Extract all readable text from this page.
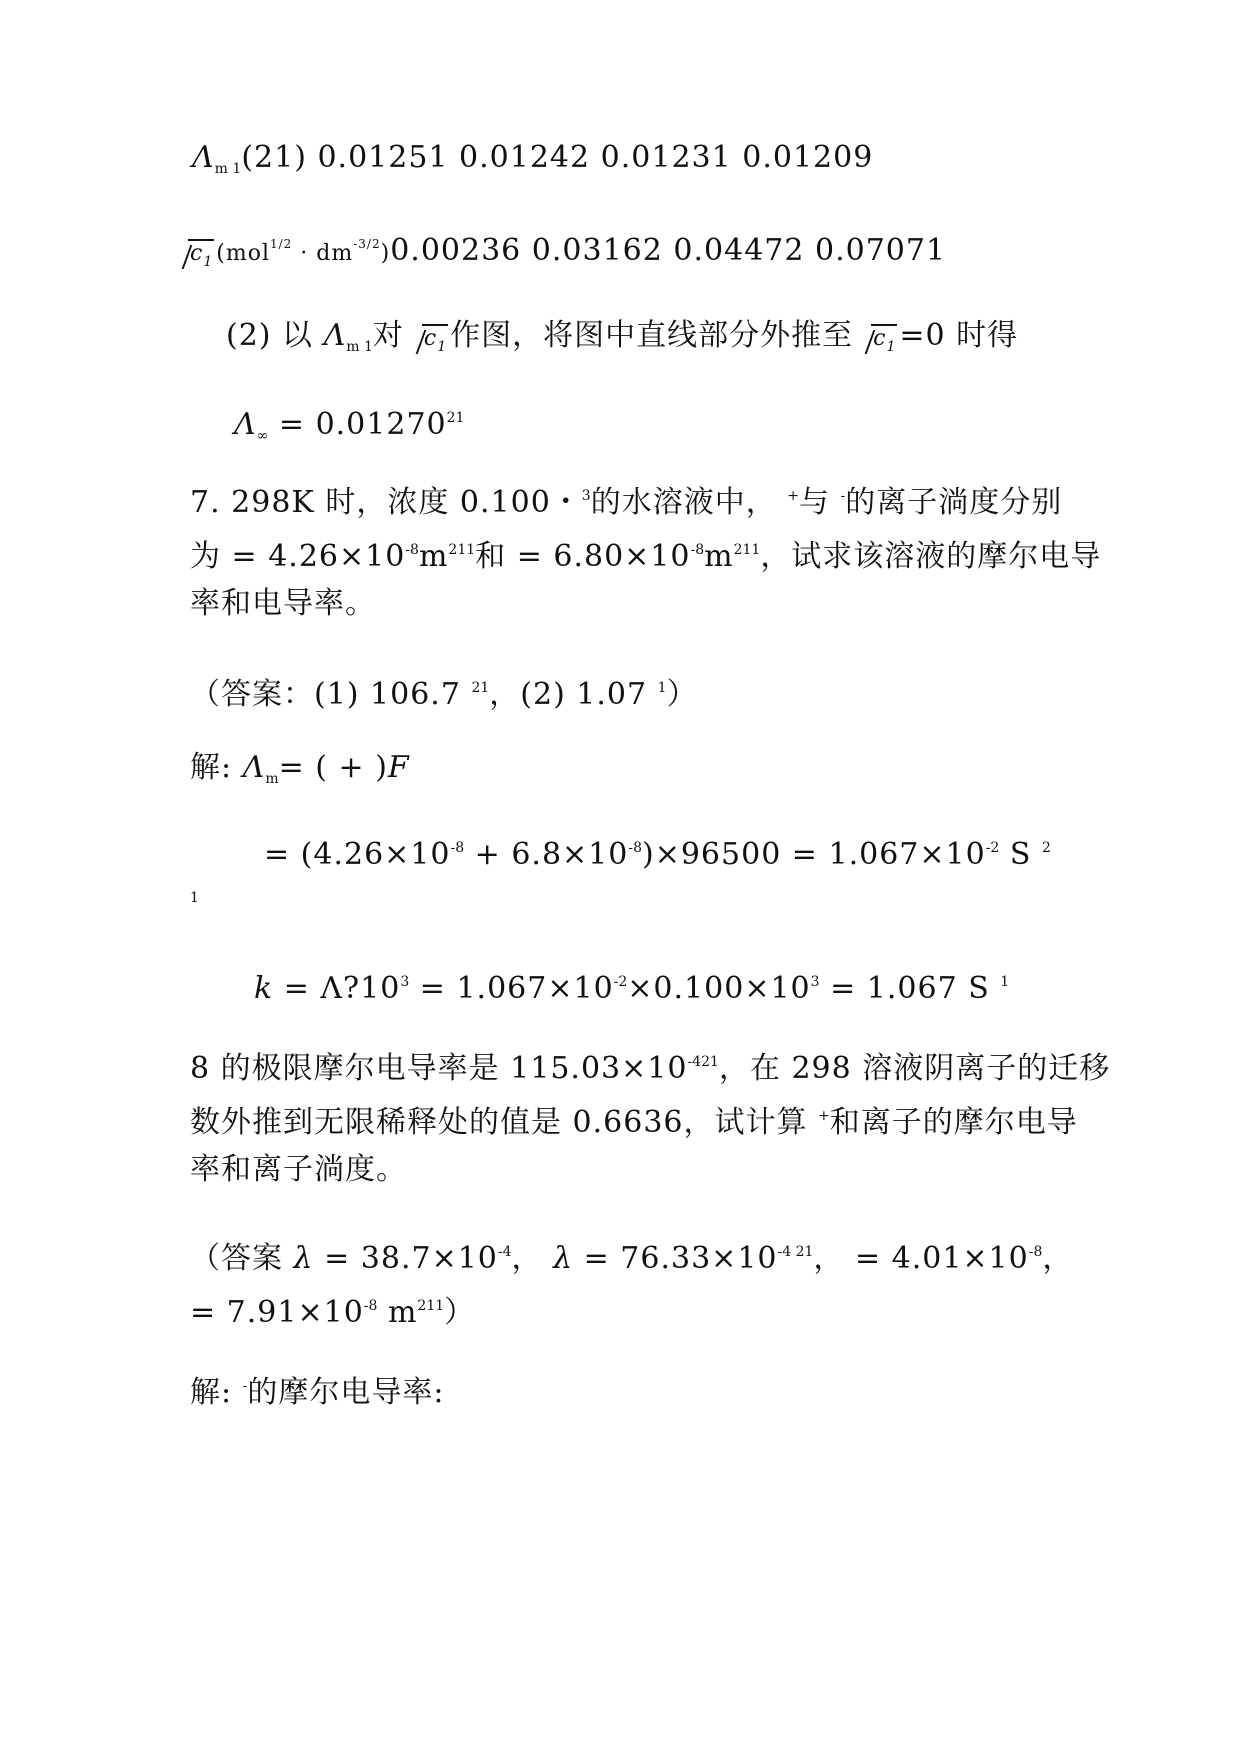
$\Lambda_{m 1}(21)$ 0.01251 0.01242 0.01231 0.01209
$c_1$ $(mol^{1/2} \cdot dm^{-3/2})0.00236$ 0.03162 0.04472 0.07071
(2) 以 $\Lambda_{m 1}$对 $c_1$ 作图，将图中直线部分外推至 $c_1 =0$ 时得
$\Lambda_\infty = 0.01270^{21}$
7. 298K 时，浓度 0.100・$^3$的水溶液中， +与 -的离子淌度分别
为 = $4.26\times 10^{-8}m^{211}$和 = $6.80\times 10^{-8}m^{211}$，试求该溶液的摩尔电导
率和电导率。
（答案：(1) 106.7 $^{21}$，(2) 1.07 $^1$）
解: $\Lambda_m=$ ( + )F
= $(4.26\times 10^{-8} + 6.8\times 10^{-8})\times 96500 = 1.067\times 10^{-2}$ S $^2$
1
$k = \Lambda?10^3 = 1.067\times 10^{-2}\times 0.100\times 10^3 = 1.067$ S $^1$
8 的极限摩尔电导率是 $115.03\times 10^{-421}$，在 298 溶液阴离子的迁移
数外推到无限稀释处的值是 0.6636，试计算 +和离子的摩尔电导
率和离子淌度。
（答案 $\lambda = 38.7\times 10^{-4}$， $\lambda = 76.33\times 10^{-4 21}$， = $4.01\times 10^{-8}$，
= $7.91\times 10^{-8}$ $m^{211}$）
解: -的摩尔电导率:
